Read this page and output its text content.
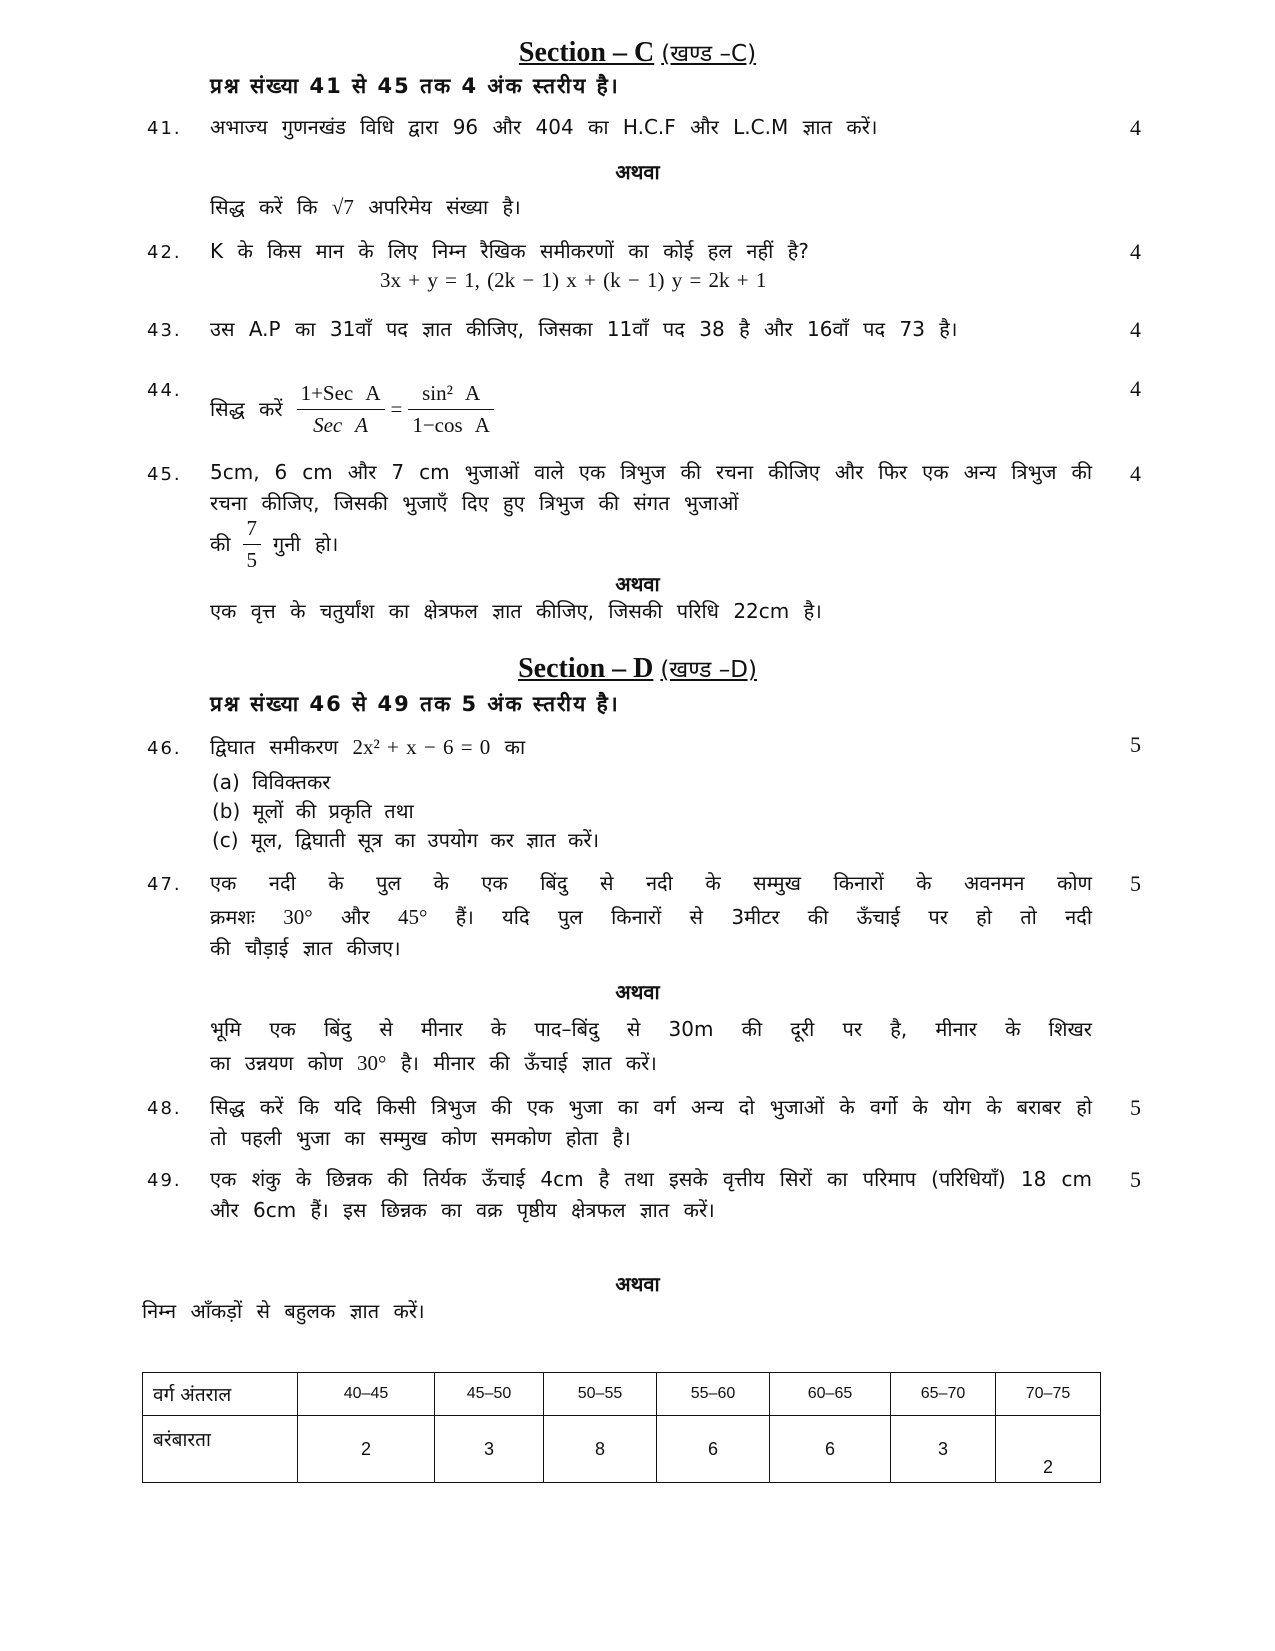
Section – C (खण्ड –C)
प्रश्न संख्या 41 से 45 तक 4 अंक स्तरीय है।
41. अभाज्य गुणनखंड विधि द्वारा 96 और 404 का H.C.F और L.C.M ज्ञात करें।	4
अथवा
सिद्ध करें कि √7 अपरिमेय संख्या है।
42. K के किस मान के लिए निम्न रैखिक समीकरणों का कोई हल नहीं है?	4
3x + y = 1, (2k − 1) x + (k − 1) y = 2k + 1
43. उस A.P का 31वाँ पद ज्ञात कीजिए, जिसका 11वाँ पद 38 है और 16वाँ पद 73 है।	4
44.
सिद्ध करें $\frac{\text{1+Sec A}}{\text{Sec A}} = \frac{\text{sin² A}}{\text{1−cos A}}$	4
45. 5cm, 6 cm और 7 cm भुजाओं वाले एक त्रिभुज की रचना कीजिए और फिर एक अन्य त्रिभुज की रचना कीजिए, जिसकी भुजाएँ दिए हुए त्रिभुज की संगत भुजाओं
4
की $\frac{7}{5}$ गुनी हो।
अथवा
एक वृत्त के चतुर्यांश का क्षेत्रफल ज्ञात कीजिए, जिसकी परिधि 22cm है।
Section – D (खण्ड –D)
प्रश्न संख्या 46 से 49 तक 5 अंक स्तरीय है।
46. द्विघात समीकरण 2x² + x − 6 = 0 का	5
(a) विविक्तकर
(b) मूलों की प्रकृति तथा
(c) मूल, द्विघाती सूत्र का उपयोग कर ज्ञात करें।
47. एक नदी के पुल के एक बिंदु से नदी के सम्मुख किनारों के अवनमन कोण 5
क्रमशः 30° और 45° हैं। यदि पुल किनारों से 3मीटर की ऊँचाई पर हो तो नदी
की चौड़ाई ज्ञात कीजए।
अथवा
भूमि एक बिंदु से मीनार के पाद–बिंदु से 30m की दूरी पर है, मीनार के शिखर
का उन्नयण कोण 30° है। मीनार की ऊँचाई ज्ञात करें।
48. सिद्ध करें कि यदि किसी त्रिभुज की एक भुजा का वर्ग अन्य दो भुजाओं के वर्गो के योग के बराबर हो तो पहली भुजा का सम्मुख कोण समकोण होता है।
5
49. एक शंकु के छिन्नक की तिर्यक ऊँचाई 4cm है तथा इसके वृत्तीय सिरों का परिमाप (परिधियाँ) 18 cm और 6cm हैं। इस छिन्नक का वक्र पृष्ठीय क्षेत्रफल ज्ञात करें।
5
अथवा
निम्न आँकड़ों से बहुलक ज्ञात करें।
वर्ग अंतराल	40–45	45–50	50–55	55–60	60–65	65–70	70–75
बरंबारता	2	3	8	6	6	3	2
